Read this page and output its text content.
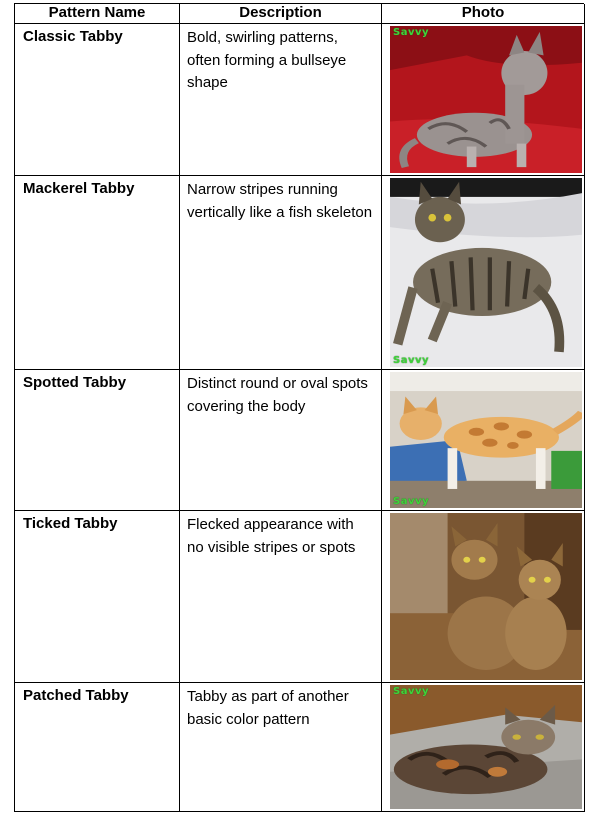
Pattern Name	Description	Photo
Classic Tabby	Bold, swirling patterns, often forming a bullseye shape
Savvy
Mackerel Tabby	Narrow stripes running vertically like a fish skeleton
Savvy
Spotted Tabby	Distinct round or oval spots covering the body
Savvy
Ticked Tabby	Flecked appearance with no visible stripes or spots
Patched Tabby	Tabby as part of another basic color pattern
Savvy
